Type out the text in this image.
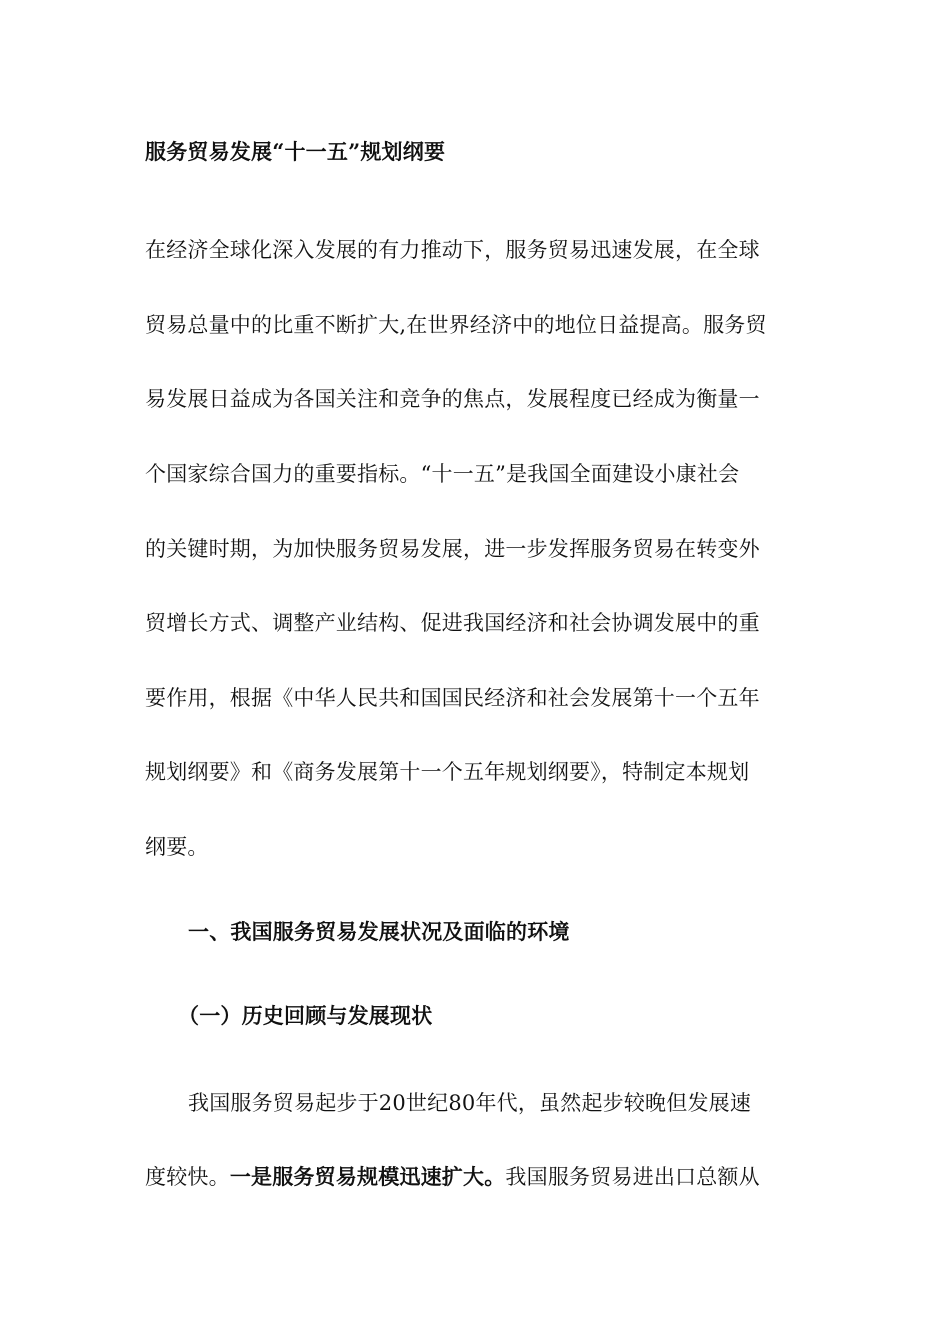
服务贸易发展“十一五”规划纲要
在经济全球化深入发展的有力推动下，服务贸易迅速发展，在全球
贸易总量中的比重不断扩大,在世界经济中的地位日益提高。服务贸
易发展日益成为各国关注和竞争的焦点，发展程度已经成为衡量一
个国家综合国力的重要指标。“十一五”是我国全面建设小康社会
的关键时期，为加快服务贸易发展，进一步发挥服务贸易在转变外
贸增长方式、调整产业结构、促进我国经济和社会协调发展中的重
要作用，根据《中华人民共和国国民经济和社会发展第十一个五年
规划纲要》和《商务发展第十一个五年规划纲要》，特制定本规划
纲要。
一、我国服务贸易发展状况及面临的环境
（一）历史回顾与发展现状
我国服务贸易起步于20世纪80年代，虽然起步较晚但发展速
度较快。一是服务贸易规模迅速扩大。我国服务贸易进出口总额从
